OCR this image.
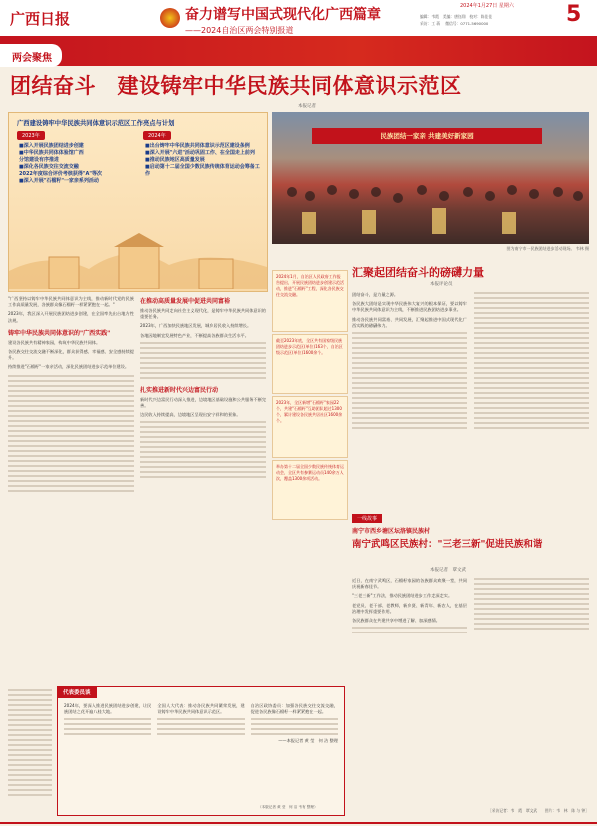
广西日报	奋力谱写中国式现代化广西篇章
——2024自治区两会特别报道
2024年1月27日 星期六
编辑：韦霞　美编：唐钰翔　校对：陈佳佳
采访：工 蒋 　微信号：0771-5690000	5
两会聚焦
团结奋斗　建设铸牢中华民族共同体意识示范区
本报记者
广西建设铸牢中华民族共同体意识示范区工作亮点与计划
2023年	2024年
■深入开展民族团结进步创建
■中华民族共同体体验馆广西
分馆建设有序推进
■深化各民族交往交流交融
2022年度综合评价考核获得"A"等次
■深入开展"石榴籽"一家亲系列活动
■出台铸牢中华民族共同体意识示范区建设条例
■深入开展"六进"活动巩固工作、在全国走上前列
■推动民族地区高质量发展
■启动第十二届全国少数民族传统体育运动会筹备工作
民族团结一家亲 共建美好新家园
图为南宁市一民族团结进步活动现场。 韦林 摄

"广西坚持以铸牢中华民族共同体意识为主线，推动新时代党的民族工作高质量发展，各族群众像石榴籽一样紧紧抱在一起。"

2023年，我区深入开展民族团结进步创建，在全国率先出台地方性法规。

铸牢中华民族共同体意识的"广西实践"

建设各民族共有精神家园，构筑中华民族共同体。

各民族交往交流交融不断深化，群众获得感、幸福感、安全感持续提升。

持续推进"石榴籽"一家亲活动，深化民族团结进步示范单位建设。

在推动高质量发展中促进共同富裕

推动各民族共同走向社会主义现代化，是铸牢中华民族共同体意识的重要任务。

2023年，广西加快民族地区发展，城乡居民收入持续增长。

各地因地制宜发展特色产业，不断提高各族群众生活水平。

扎实推进新时代兴边富民行动

新时代兴边富民行动深入推进，边境地区基础设施和公共服务不断完善。

边民收入持续提高，边境地区呈现出安宁祥和的景象。

汇聚起团结奋斗的磅礴力量
本报评论员
2024年1月，自治区人民政府工作报告提出，开展民族团结进步创建示范活动，推进"石榴籽"工程，深化各民族交往交流交融。
截至2023年底，全区共有国家级民族团结进步示范区(单位)163个，自治区级示范区(单位)1600余个。
2023年，全区新增"石榴籽"家园22个，共建"石榴籽"互助团队超过1300个，累计建设各民族共居社区1600余个。
举办第十二届全国少数民族传统体育运动会，全区共有参赛运动员140余万人次，覆盖1300余项活动。

团结奋斗，是力量之源。

各民族大团结是实现中华民族伟大复兴的根本保证，要以铸牢中华民族共同体意识为主线，不断推进民族团结进步事业。

推动各民族共同富裕、共同发展，汇聚起推进中国式现代化广西实践的磅礴伟力。

一线故事
南宁市西乡塘区坛洛镇民族村
南宁武鸣区民族村："三老三新"促进民族和谐
本报记者　覃文武

近日，在南宁武鸣区，石榴籽家园的各族群众欢聚一堂，共同庆祝新春佳节。

"三老三新"工作法，推动民族团结进步工作走深走实。

老党员、老干部、老教师，新乡贤、新青年、新农人，在基层治理中发挥重要作用。

各民族群众在共建共享中增进了解、加深感情。

代表委员谈

2024年，要深入推进民族团结进步创建，让民族团结之花开遍八桂大地。

全国人大代表：推动各民族共同繁荣发展，建设铸牢中华民族共同体意识示范区。

自治区政协委员：加强各民族交往交流交融，促进各民族像石榴籽一样紧紧抱在一起。

——本报记者 黄 莹　何 洁 整理

（本版记者 黄 莹　何 洁 韦有 整理）
［采访记者：韦　霞　覃文武　　图片：韦　林　陈 与 钟］
